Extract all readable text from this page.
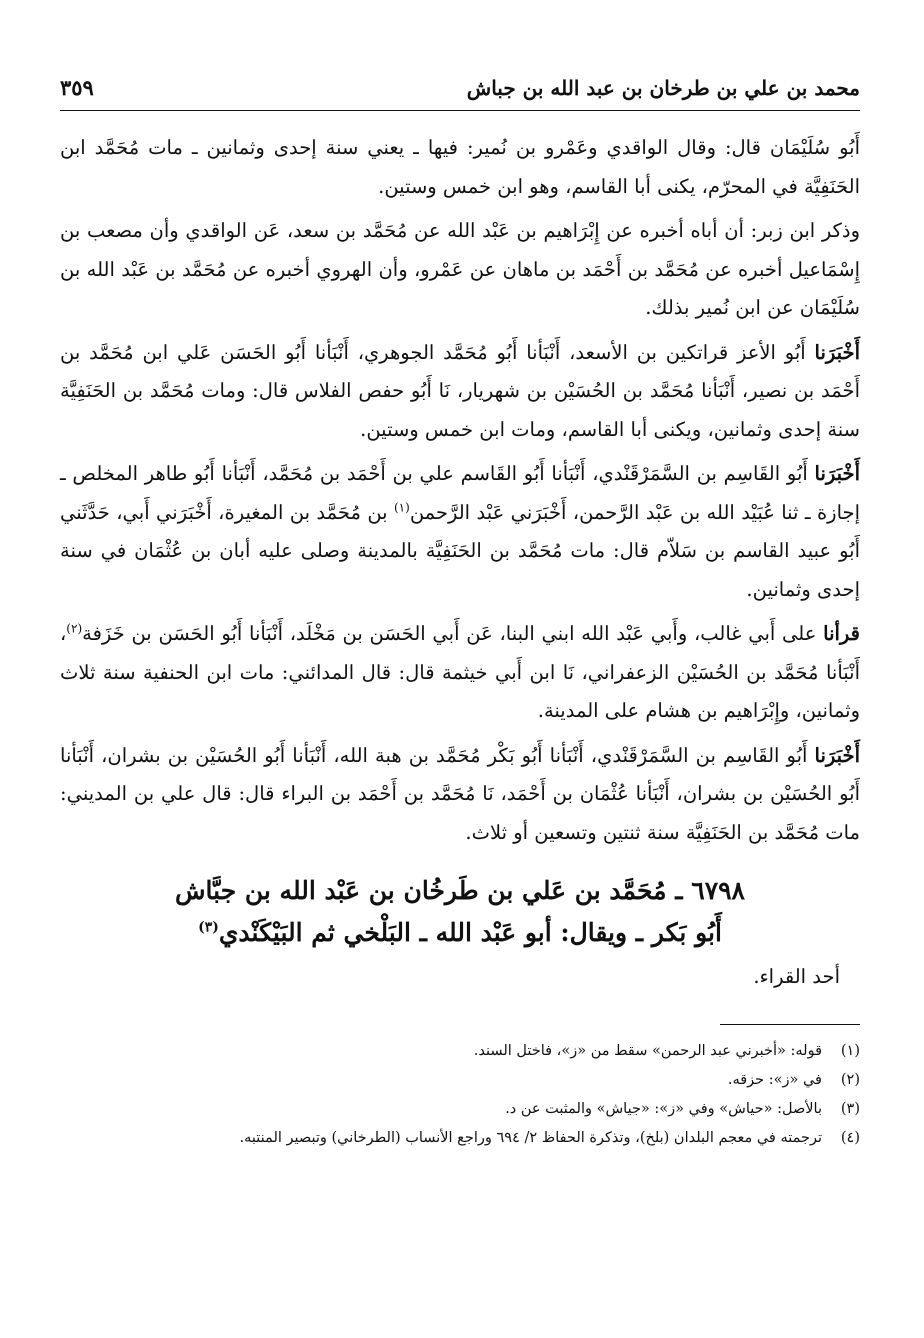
محمد بن علي بن طرخان بن عبد الله بن جباش
٣٥٩

أَبُو سُلَيْمَان قال: وقال الواقدي وعَمْرو بن نُمير: فيها ـ يعني سنة إحدى وثمانين ـ مات مُحَمَّد ابن الحَنَفِيَّة في المحرّم، يكنى أبا القاسم، وهو ابن خمس وستين.

وذكر ابن زبر: أن أباه أخبره عن إِبْرَاهيم بن عَبْد الله عن مُحَمَّد بن سعد، عَن الواقدي وأن مصعب بن إِسْمَاعيل أخبره عن مُحَمَّد بن أَحْمَد بن ماهان عن عَمْرو، وأن الهروي أخبره عن مُحَمَّد بن عَبْد الله بن سُلَيْمَان عن ابن نُمير بذلك.

أَخْبَرَنا أَبُو الأعز قراتكين بن الأسعد، أَنْبَأنا أَبُو مُحَمَّد الجوهري، أَنْبَأنا أَبُو الحَسَن عَلي ابن مُحَمَّد بن أَحْمَد بن نصير، أَنْبَأنا مُحَمَّد بن الحُسَيْن بن شهريار، نَا أَبُو حفص الفلاس قال: ومات مُحَمَّد بن الحَنَفِيَّة سنة إحدى وثمانين، ويكنى أبا القاسم، ومات ابن خمس وستين.

أَخْبَرَنا أَبُو القَاسِم بن السَّمَرْقَنْدي، أَنْبَأنا أَبُو القَاسم علي بن أَحْمَد بن مُحَمَّد، أَنْبَأنا أَبُو طاهر المخلص ـ إجازة ـ ثنا عُبَيْد الله بن عَبْد الرَّحمن، أَخْبَرَني عَبْد الرَّحمن$^{(١)}$ بن مُحَمَّد بن المغيرة، أَخْبَرَني أَبي، حَدَّثَني أَبُو عبيد القاسم بن سَلاّم قال: مات مُحَمَّد بن الحَنَفِيَّة بالمدينة وصلى عليه أبان بن عُثْمَان في سنة إحدى وثمانين.

قرأنا على أَبي غالب، وأَبي عَبْد الله ابني البنا، عَن أَبي الحَسَن بن مَخْلَد، أَنْبَأنا أَبُو الحَسَن بن خَزَفة$^{(٢)}$، أَنْبَأنا مُحَمَّد بن الحُسَيْن الزعفراني، نَا ابن أَبي خيثمة قال: قال المدائني: مات ابن الحنفية سنة ثلاث وثمانين، وإِبْرَاهيم بن هشام على المدينة.

أَخْبَرَنا أَبُو القَاسِم بن السَّمَرْقَنْدي، أَنْبَأنا أَبُو بَكْر مُحَمَّد بن هبة الله، أَنْبَأنا أَبُو الحُسَيْن بن بشران، أَنْبَأنا أَبُو الحُسَيْن بن بشران، أَنْبَأنا عُثْمَان بن أَحْمَد، نَا مُحَمَّد بن أَحْمَد بن البراء قال: قال علي بن المديني: مات مُحَمَّد بن الحَنَفِيَّة سنة ثنتين وتسعين أو ثلاث.

٦٧٩٨ ـ مُحَمَّد بن عَلي بن طَرخُان بن عَبْد الله بن جبَّاش
أَبُو بَكر ـ ويقال: أبو عَبْد الله ـ البَلْخي ثم البَيْكَنْدي$^{(٣)}$
أحد القراء.
(١)
قوله: «أخبرني عبد الرحمن» سقط من «ز»، فاختل السند.
(٢)
في «ز»: حزقه.
(٣)
بالأصل: «حياش» وفي «ز»: «جياش» والمثبت عن د.
(٤)
ترجمته في معجم البلدان (بلخ)، وتذكرة الحفاظ ٢/ ٦٩٤ وراجع الأنساب (الطرخاني) وتبصير المنتبه.
